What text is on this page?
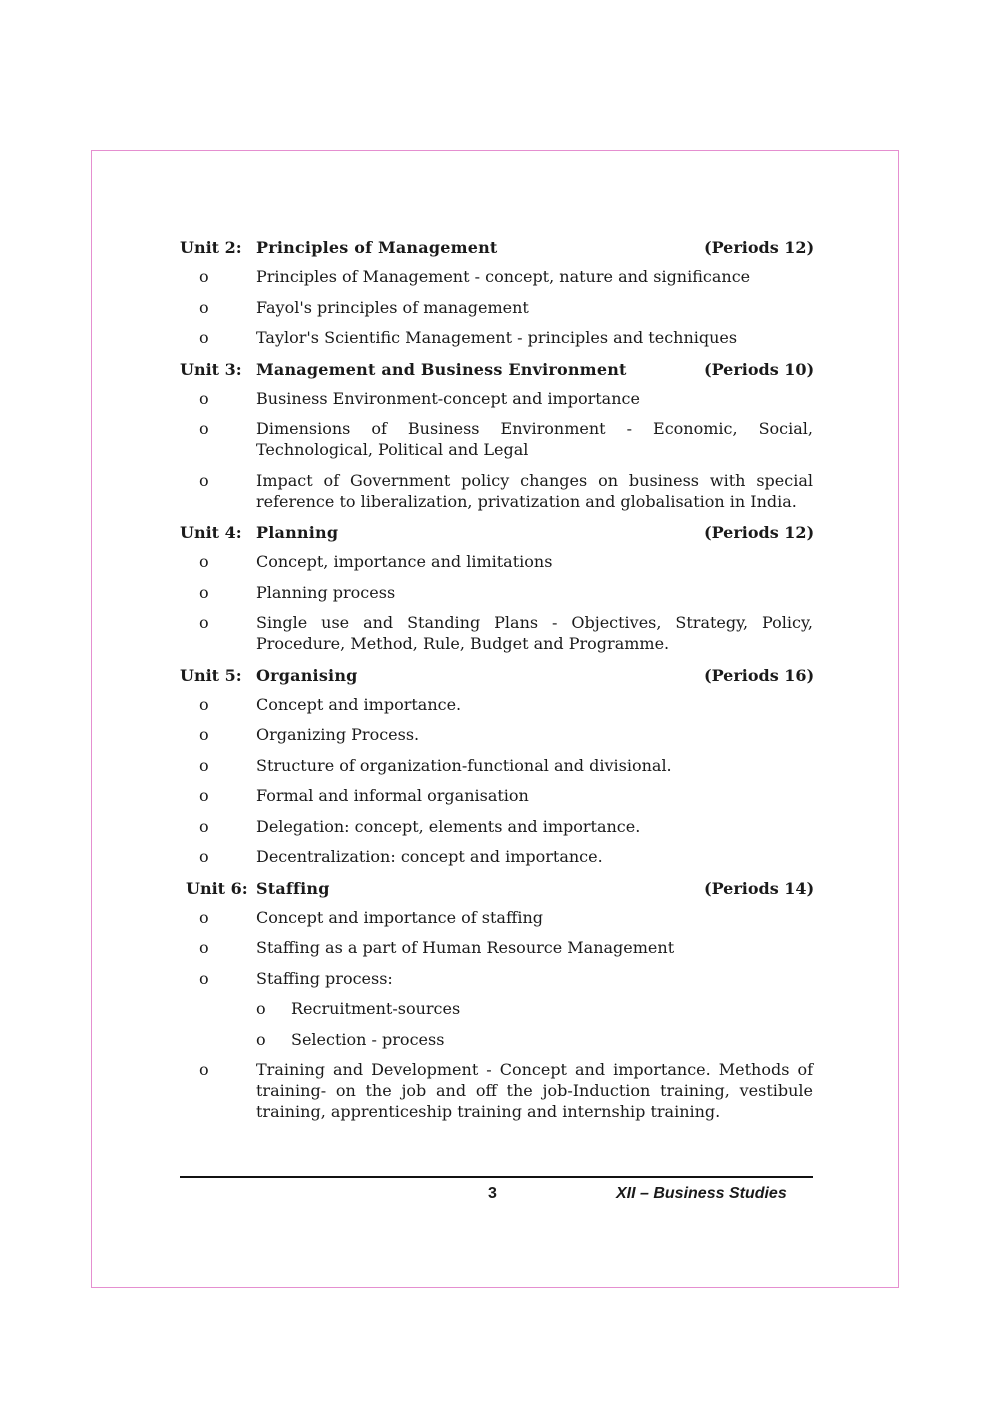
Unit 2: Principles of Management	(Periods 12)
o	Principles of Management - concept, nature and significance
o	Fayol's principles of management
o	Taylor's Scientific Management - principles and techniques
Unit 3: Management and Business Environment	(Periods 10)
o	Business Environment-concept and importance
o	Dimensions of Business Environment - Economic, Social, Technological, Political and Legal
o	Impact of Government policy changes on business with special reference to liberalization, privatization and globalisation in India.
Unit 4: Planning	(Periods 12)
o	Concept, importance and limitations
o	Planning process
o	Single use and Standing Plans - Objectives, Strategy, Policy, Procedure, Method, Rule, Budget and Programme.
Unit 5: Organising	(Periods 16)
o	Concept and importance.
o	Organizing Process.
o	Structure of organization-functional and divisional.
o	Formal and informal organisation
o	Delegation: concept, elements and importance.
o	Decentralization: concept and importance.
Unit 6: Staffing	(Periods 14)
o	Concept and importance of staffing
o	Staffing as a part of Human Resource Management
o	Staffing process:
o Recruitment-sources
o Selection - process
o	Training and Development - Concept and importance. Methods of training- on the job and off the job-Induction training, vestibule training, apprenticeship training and internship training.
3	XII – Business Studies
